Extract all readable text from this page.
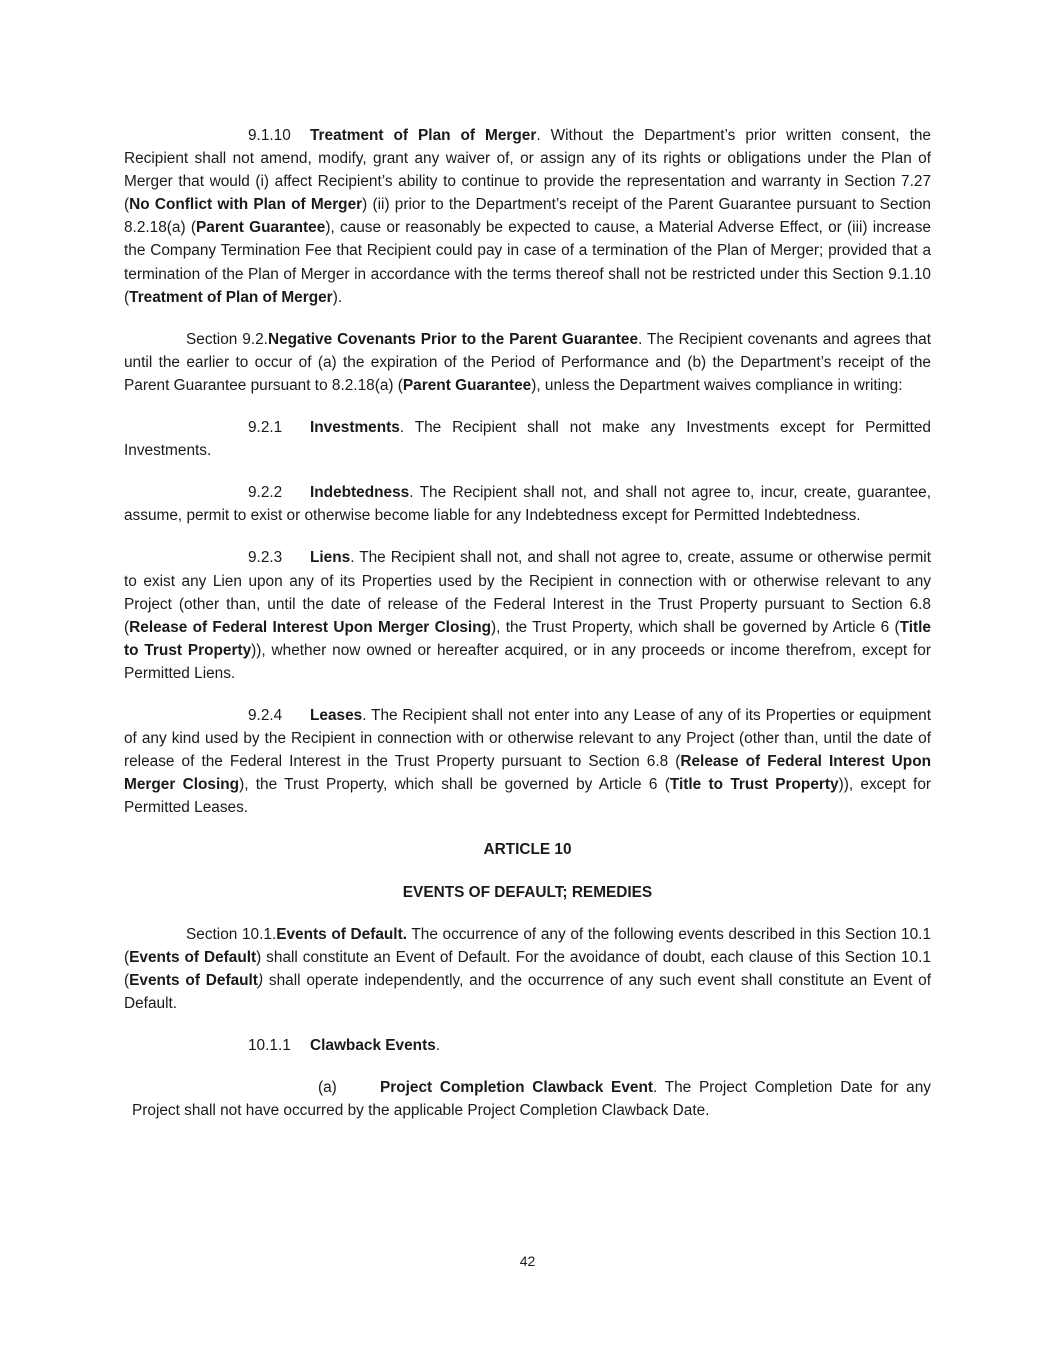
9.1.10 Treatment of Plan of Merger. Without the Department’s prior written consent, the Recipient shall not amend, modify, grant any waiver of, or assign any of its rights or obligations under the Plan of Merger that would (i) affect Recipient’s ability to continue to provide the representation and warranty in Section 7.27 (No Conflict with Plan of Merger) (ii) prior to the Department’s receipt of the Parent Guarantee pursuant to Section 8.2.18(a) (Parent Guarantee), cause or reasonably be expected to cause, a Material Adverse Effect, or (iii) increase the Company Termination Fee that Recipient could pay in case of a termination of the Plan of Merger; provided that a termination of the Plan of Merger in accordance with the terms thereof shall not be restricted under this Section 9.1.10 (Treatment of Plan of Merger).

Section 9.2.Negative Covenants Prior to the Parent Guarantee. The Recipient covenants and agrees that until the earlier to occur of (a) the expiration of the Period of Performance and (b) the Department’s receipt of the Parent Guarantee pursuant to 8.2.18(a) (Parent Guarantee), unless the Department waives compliance in writing:

9.2.1 Investments. The Recipient shall not make any Investments except for Permitted Investments.

9.2.2 Indebtedness. The Recipient shall not, and shall not agree to, incur, create, guarantee, assume, permit to exist or otherwise become liable for any Indebtedness except for Permitted Indebtedness.

9.2.3 Liens. The Recipient shall not, and shall not agree to, create, assume or otherwise permit to exist any Lien upon any of its Properties used by the Recipient in connection with or otherwise relevant to any Project (other than, until the date of release of the Federal Interest in the Trust Property pursuant to Section 6.8 (Release of Federal Interest Upon Merger Closing), the Trust Property, which shall be governed by Article 6 (Title to Trust Property)), whether now owned or hereafter acquired, or in any proceeds or income therefrom, except for Permitted Liens.

9.2.4 Leases. The Recipient shall not enter into any Lease of any of its Properties or equipment of any kind used by the Recipient in connection with or otherwise relevant to any Project (other than, until the date of release of the Federal Interest in the Trust Property pursuant to Section 6.8 (Release of Federal Interest Upon Merger Closing), the Trust Property, which shall be governed by Article 6 (Title to Trust Property)), except for Permitted Leases.

ARTICLE 10

EVENTS OF DEFAULT; REMEDIES

Section 10.1.Events of Default. The occurrence of any of the following events described in this Section 10.1 (Events of Default) shall constitute an Event of Default. For the avoidance of doubt, each clause of this Section 10.1 (Events of Default) shall operate independently, and the occurrence of any such event shall constitute an Event of Default.

10.1.1 Clawback Events.

(a)	Project Completion Clawback Event. The Project Completion Date for any Project shall not have occurred by the applicable Project Completion Clawback Date.

42
